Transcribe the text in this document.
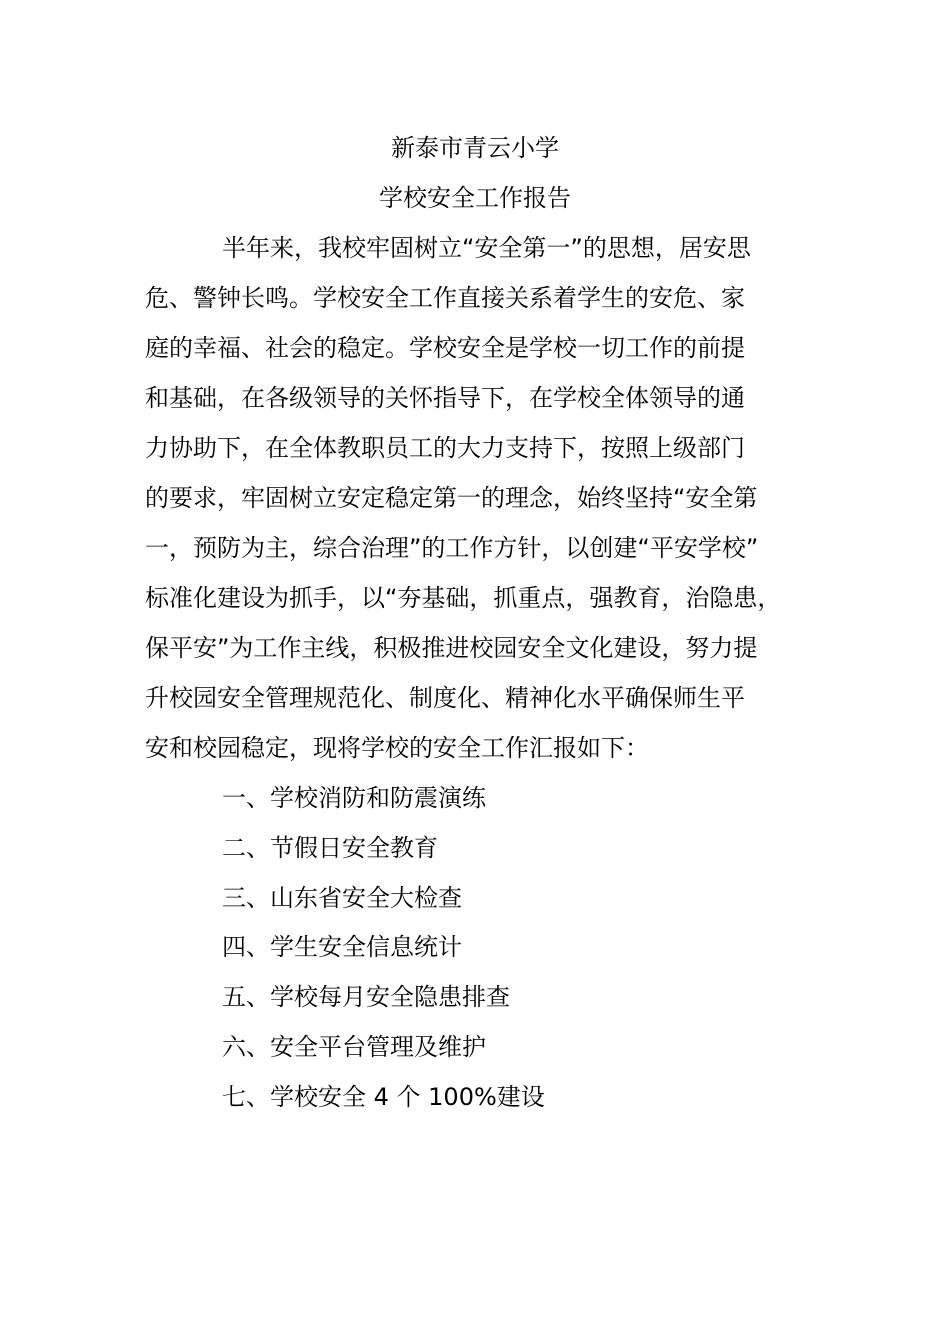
新泰市青云小学
学校安全工作报告

半年来，我校牢固树立“安全第一”的思想，居安思

危、警钟长鸣。学校安全工作直接关系着学生的安危、家

庭的幸福、社会的稳定。学校安全是学校一切工作的前提

和基础，在各级领导的关怀指导下，在学校全体领导的通

力协助下，在全体教职员工的大力支持下，按照上级部门

的要求，牢固树立安定稳定第一的理念，始终坚持“安全第

一，预防为主，综合治理”的工作方针，以创建“平安学校”

标准化建设为抓手，以“夯基础，抓重点，强教育，治隐患，

保平安”为工作主线，积极推进校园安全文化建设，努力提

升校园安全管理规范化、制度化、精神化水平确保师生平

安和校园稳定，现将学校的安全工作汇报如下：

一、学校消防和防震演练

二、节假日安全教育

三、山东省安全大检查

四、学生安全信息统计

五、学校每月安全隐患排查

六、安全平台管理及维护

七、学校安全 4 个 100%建设
